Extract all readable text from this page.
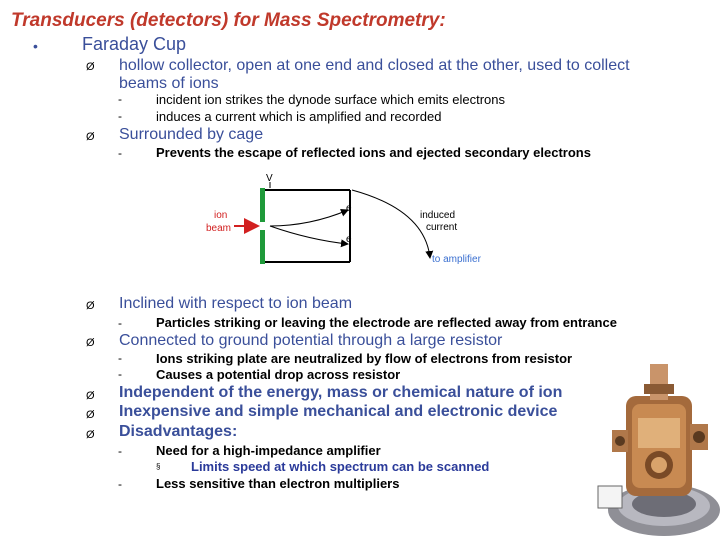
Transducers (detectors) for Mass Spectrometry:
• Faraday Cup
Ø hollow collector, open at one end and closed at the other, used to collect
beams of ions
-	incident ion strikes the dynode surface which emits electrons
-	induces a current which is amplified and recorded
Ø Surrounded by cage
-	Prevents the escape of reflected ions and ejected secondary electrons
V
ion
beam
e
e
induced
current
to amplifier
Ø Inclined with respect to ion beam
-	Particles striking or leaving the electrode are reflected away from entrance
Ø Connected to ground potential through a large resistor
-	Ions striking plate are neutralized by flow of electrons from resistor
-	Causes a potential drop across resistor
Ø Independent of the energy, mass or chemical nature of ion
Ø Inexpensive and simple mechanical and electronic device
Ø Disadvantages:
-	Need for a high-impedance amplifier
§ Limits speed at which spectrum can be scanned
-	Less sensitive than electron multipliers
